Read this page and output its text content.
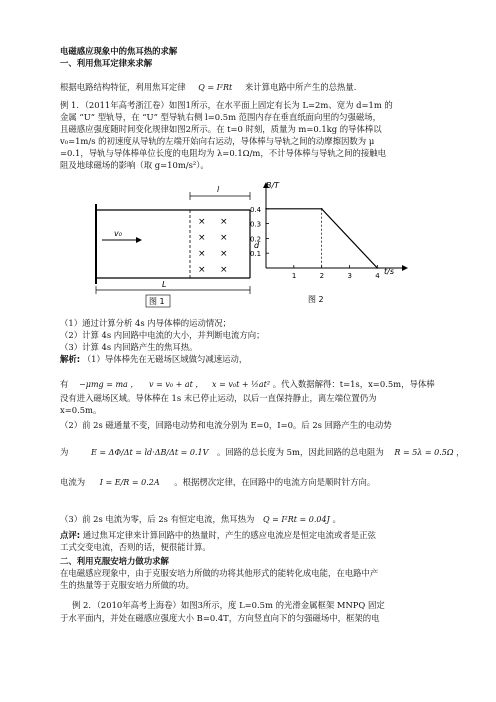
电磁感应现象中的焦耳热的求解
一、利用焦耳定律来求解
根据电路结构特征，利用焦耳定律 Q = I²Rt 来计算电路中所产生的总热量.
例 1．（2011年高考浙江卷）如图1所示，在水平面上固定有长为 L=2m、宽为 d=1m 的
金属 “U” 型轨导，在 “U” 型导轨右侧 l=0.5m 范围内存在垂直纸面向里的匀强磁场，
且磁感应强度随时间变化规律如图2所示。在 t=0 时刻，质量为 m=0.1kg 的导体棒以
v₀=1m/s 的初速度从导轨的左端开始向右运动，导体棒与导轨之间的动摩擦因数为 μ
=0.1，导轨与导体棒单位长度的电阻均为 λ=0.1Ω/m，不计导体棒与导轨之间的接触电
阻及地球磁场的影响（取 g=10m/s²）。
× ×
× ×
× ×
× ×
v₀
l
d
L
图 1
1	2	3	4
0.1
0.2
0.3
0.4
B/T
t/s
图 2
（1）通过计算分析 4s 内导体棒的运动情况；
（2）计算 4s 内回路中电流的大小，并判断电流方向；
（3）计算 4s 内回路产生的焦耳热。
解析: （1）导体棒先在无磁场区域做匀减速运动，
有 −μmg = ma ， v = v₀ + at ， x = v₀t + ½at² 。代入数据解得：t=1s，x=0.5m，导体棒
没有进入磁场区域。导体棒在 1s 末已停止运动，以后一直保持静止，离左端位置仍为
x=0.5m。
（2）前 2s 磁通量不变，回路电动势和电流分别为 E=0，I=0。后 2s 回路产生的电动势
为	E = ΔΦ/Δt = ld·ΔB/Δt = 0.1V 。回路的总长度为 5m，因此回路的总电阻为 R = 5λ = 0.5Ω ，
电流为 I = E/R = 0.2A 。根据楞次定律，在回路中的电流方向是顺时针方向。
（3）前 2s 电流为零，后 2s 有恒定电流，焦耳热为 Q = I²Rt = 0.04J 。
点评: 通过焦耳定律来计算回路中的热量时，产生的感应电流应是恒定电流或者是正弦
工式交变电流，否则的话，便很能计算。
二、利用克服安培力做功求解
在电磁感应现象中，由于克服安培力所做的功将其他形式的能转化成电能，在电路中产
生的热量等于克服安培力所做的功。
例 2．（2010年高考上海卷）如图3所示，度 L=0.5m 的光滑金属框架 MNPQ 固定
于水平面内，并处在磁感应强度大小 B=0.4T，方向竖直向下的匀强磁场中，框架的电
